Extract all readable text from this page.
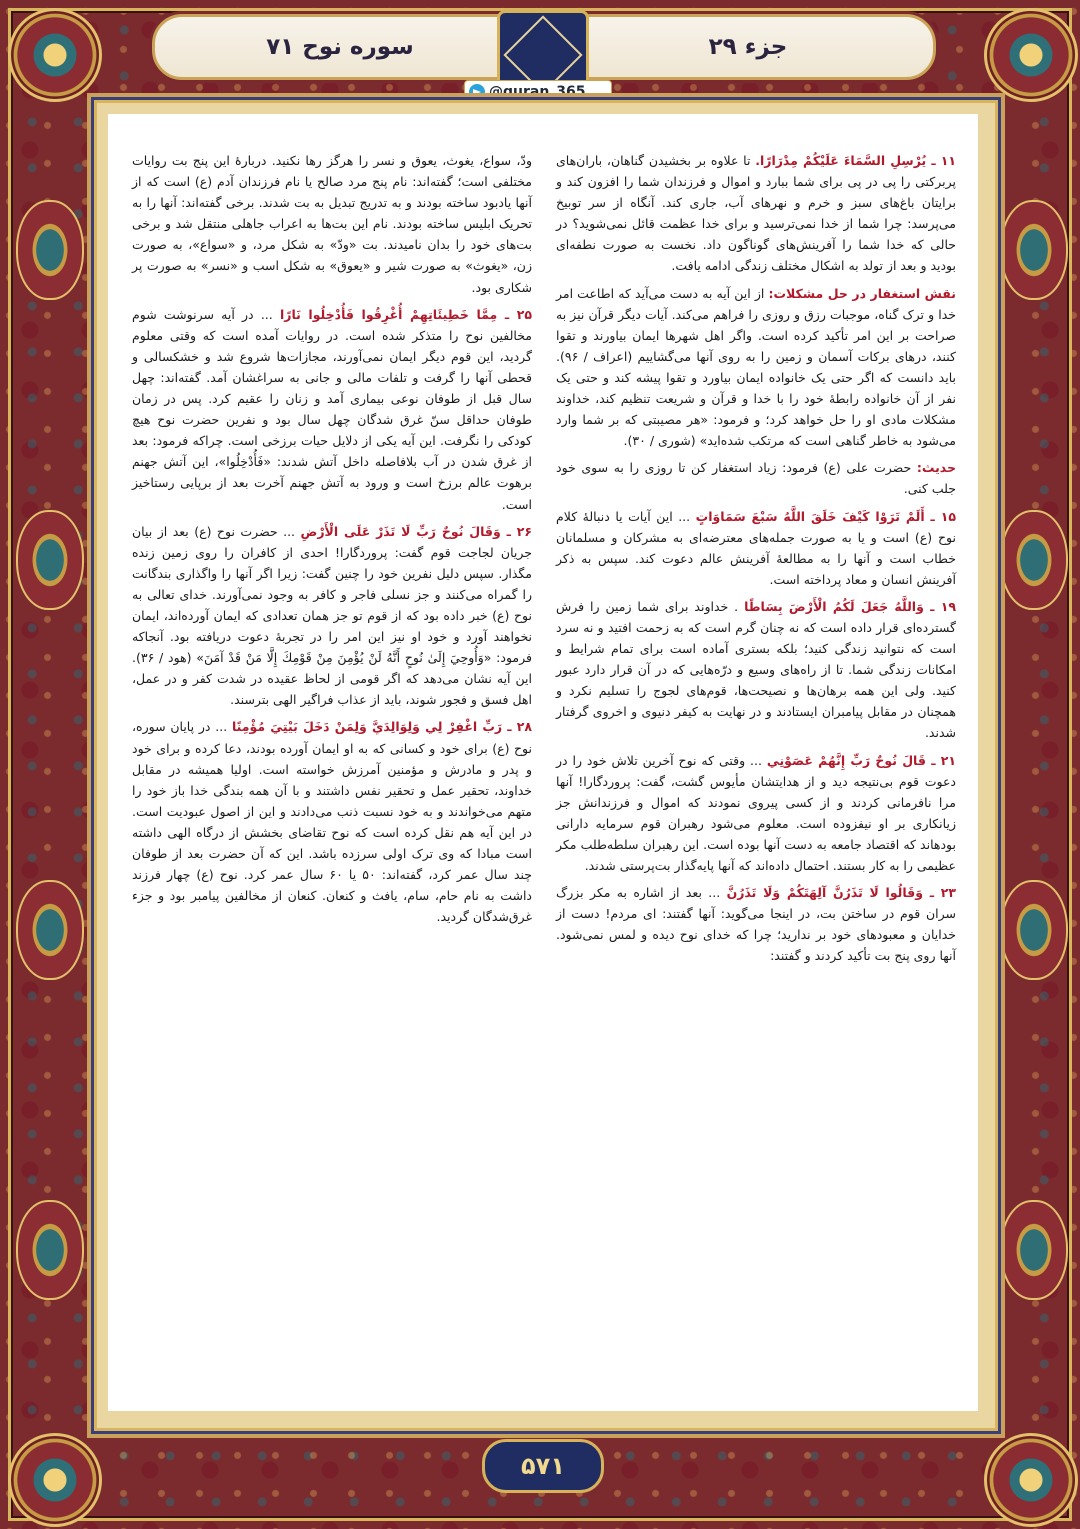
سوره نوح ۷۱	جزء ۲۹
@quran_365

۱۱ ـ يُرْسِلِ السَّمَاءَ عَلَيْكُمْ مِدْرَارًا. تا علاوه بر بخشیدن گناهان، باران‌های پربرکتی را پی در پی برای شما ببارد و اموال و فرزندان شما را افزون کند و برایتان باغ‌های سبز و خرم و نهرهای آب، جاری کند. آنگاه از سر توبیخ می‌پرسد: چرا شما از خدا نمی‌ترسید و برای خدا عظمت قائل نمی‌شوید؟ در حالی که خدا شما را آفرینش‌های گوناگون داد. نخست به صورت نطفه‌ای بودید و بعد از تولد به اشکال مختلف زندگی ادامه یافت.

نقش استغفار در حل مشکلات: از این آیه به دست می‌آید که اطاعت امر خدا و ترک گناه، موجبات رزق و روزی را فراهم می‌کند. آیات دیگر قرآن نیز به صراحت بر این امر تأکید کرده است. واگر اهل شهرها ایمان بیاورند و تقوا کنند، درهای برکات آسمان و زمین را به روی آنها می‌گشاییم (اعراف / ۹۶). باید دانست که اگر حتی یک خانواده ایمان بیاورد و تقوا پیشه کند و حتی یک نفر از آن خانواده رابطهٔ خود را با خدا و قرآن و شریعت تنظیم کند، خداوند مشکلات مادی او را حل خواهد کرد؛ و فرمود: «هر مصیبتی که بر شما وارد می‌شود به خاطر گناهی است که مرتکب شده‌اید» (شوری / ۳۰).

حدیث: حضرت علی (ع) فرمود: زیاد استغفار کن تا روزی را به سوی خود جلب کنی.

۱۵ ـ أَلَمْ تَرَوْا كَيْفَ خَلَقَ اللَّهُ سَبْعَ سَمَاوَاتٍ ... این آیات یا دنبالهٔ کلام نوح (ع) است و یا به صورت جمله‌های معترضه‌ای به مشرکان و مسلمانان خطاب است و آنها را به مطالعهٔ آفرینش عالم دعوت کند. سپس به ذکر آفرینش انسان و معاد پرداخته است.

۱۹ ـ وَاللَّهُ جَعَلَ لَكُمُ الْأَرْضَ بِسَاطًا . خداوند برای شما زمین را فرش گسترده‌ای قرار داده است که نه چنان گرم است که به زحمت افتید و نه سرد است که نتوانید زندگی کنید؛ بلکه بستری آماده است برای تمام شرایط و امکانات زندگی شما. تا از راه‌های وسیع و درّه‌هایی که در آن قرار دارد عبور کنید. ولی این همه برهان‌ها و نصیحت‌ها، قوم‌های لجوج را تسلیم نکرد و همچنان در مقابل پیامبران ایستادند و در نهایت به کیفر دنیوی و اخروی گرفتار شدند.

۲۱ ـ قَالَ نُوحٌ رَبِّ إِنَّهُمْ عَصَوْنِي ... وقتی که نوح آخرین تلاش خود را در دعوت قوم بی‌نتیجه دید و از هدایتشان مأیوس گشت، گفت: پروردگارا! آنها مرا نافرمانی کردند و از کسی پیروی نمودند که اموال و فرزندانش جز زیانکاری بر او نیفزوده است. معلوم می‌شود رهبران قوم سرمایه دارانی بودهاند که اقتصاد جامعه به دست آنها بوده است. این رهبران سلطه‌طلب مکر عظیمی را به کار بستند. احتمال داده‌اند که آنها پایه‌گذار بت‌پرستی شدند.

۲۳ ـ وَقَالُوا لَا تَذَرُنَّ آلِهَتَكُمْ وَلَا تَذَرُنَّ ... بعد از اشاره به مکر بزرگ سران قوم در ساختن بت، در اینجا می‌گوید: آنها گفتند: ای مردم! دست از خدایان و معبودهای خود بر ندارید؛ چرا که خدای نوح دیده و لمس نمی‌شود. آنها روی پنج بت تأکید کردند و گفتند:

ودّ، سواع، یغوث، یعوق و نسر را هرگز رها نکنید. دربارهٔ این پنج بت روایات مختلفی است؛ گفته‌اند: نام پنج مرد صالح یا نام فرزندان آدم (ع) است که از آنها یادبود ساخته بودند و به تدریج تبدیل به بت شدند. برخی گفته‌اند: آنها را به تحریک ابلیس ساخته بودند. نام این بت‌ها به اعراب جاهلی منتقل شد و برخی بت‌های خود را بدان نامیدند. بت «ودّ» به شکل مرد، و «سواع»، به صورت زن، «یغوث» به صورت شیر و «یعوق» به شکل اسب و «نسر» به صورت پر شکاری بود.

۲۵ ـ مِمَّا خَطِيئَاتِهِمْ أُغْرِقُوا فَأُدْخِلُوا نَارًا ... در آیه سرنوشت شوم مخالفین نوح را متذکر شده است. در روایات آمده است که وقتی معلوم گردید، این قوم دیگر ایمان نمی‌آورند، مجازات‌ها شروع شد و خشکسالی و قحطی آنها را گرفت و تلفات مالی و جانی به سراغشان آمد. گفته‌اند: چهل سال قبل از طوفان نوعی بیماری آمد و زنان را عقیم کرد. پس در زمان طوفان حداقل سنّ غرق شدگان چهل سال بود و نفرین حضرت نوح هیچ کودکی را نگرفت. این آیه یکی از دلایل حیات برزخی است. چراکه فرمود: بعد از غرق شدن در آب بلافاصله داخل آتش شدند: «فَأُدْخِلُوا»، این آتش جهنم برهوت عالم برزخ است و ورود به آتش جهنم آخرت بعد از برپایی رستاخیز است.

۲۶ ـ وَقَالَ نُوحٌ رَبِّ لَا تَذَرْ عَلَى الْأَرْضِ ... حضرت نوح (ع) بعد از بیان جریان لجاجت قوم گفت: پروردگارا! احدی از کافران را روی زمین زنده مگذار. سپس دلیل نفرین خود را چنین گفت: زیرا اگر آنها را واگذاری بندگانت را گمراه می‌کنند و جز نسلی فاجر و کافر به وجود نمی‌آورند. خدای تعالی به نوح (ع) خبر داده بود که از قوم تو جز همان تعدادی که ایمان آورده‌اند، ایمان نخواهند آورد و خود او نیز این امر را در تجربهٔ دعوت دریافته بود. آنجاکه فرمود: «وَأُوحِيَ إِلَىٰ نُوحٍ أَنَّهُ لَنْ يُؤْمِنَ مِنْ قَوْمِكَ إِلَّا مَنْ قَدْ آمَنَ» (هود / ۳۶). این آیه نشان می‌دهد که اگر قومی از لحاظ عقیده در شدت کفر و در عمل، اهل فسق و فجور شوند، باید از عذاب فراگیر الهی بترسند.

۲۸ ـ رَبِّ اغْفِرْ لِي وَلِوَالِدَيَّ وَلِمَنْ دَخَلَ بَيْتِيَ مُؤْمِنًا ... در پایان سوره، نوح (ع) برای خود و کسانی که به او ایمان آورده بودند، دعا کرده و برای خود و پدر و مادرش و مؤمنین آمرزش خواسته است. اولیا همیشه در مقابل خداوند، تحقیر عمل و تحقیر نفس داشتند و با آن همه بندگی خدا باز خود را متهم می‌خواندند و به خود نسبت ذنب می‌دادند و این از اصول عبودیت است. در این آیه هم نقل کرده است که نوح تقاضای بخشش از درگاه الهی داشته است مبادا که وی ترک اولی سرزده باشد. این که آن حضرت بعد از طوفان چند سال عمر کرد، گفته‌اند: ۵۰ یا ۶۰ سال عمر کرد. نوح (ع) چهار فرزند داشت به نام حام، سام، یافث و کنعان. کنعان از مخالفین پیامبر بود و جزء غرق‌شدگان گردید.

۵۷۱
